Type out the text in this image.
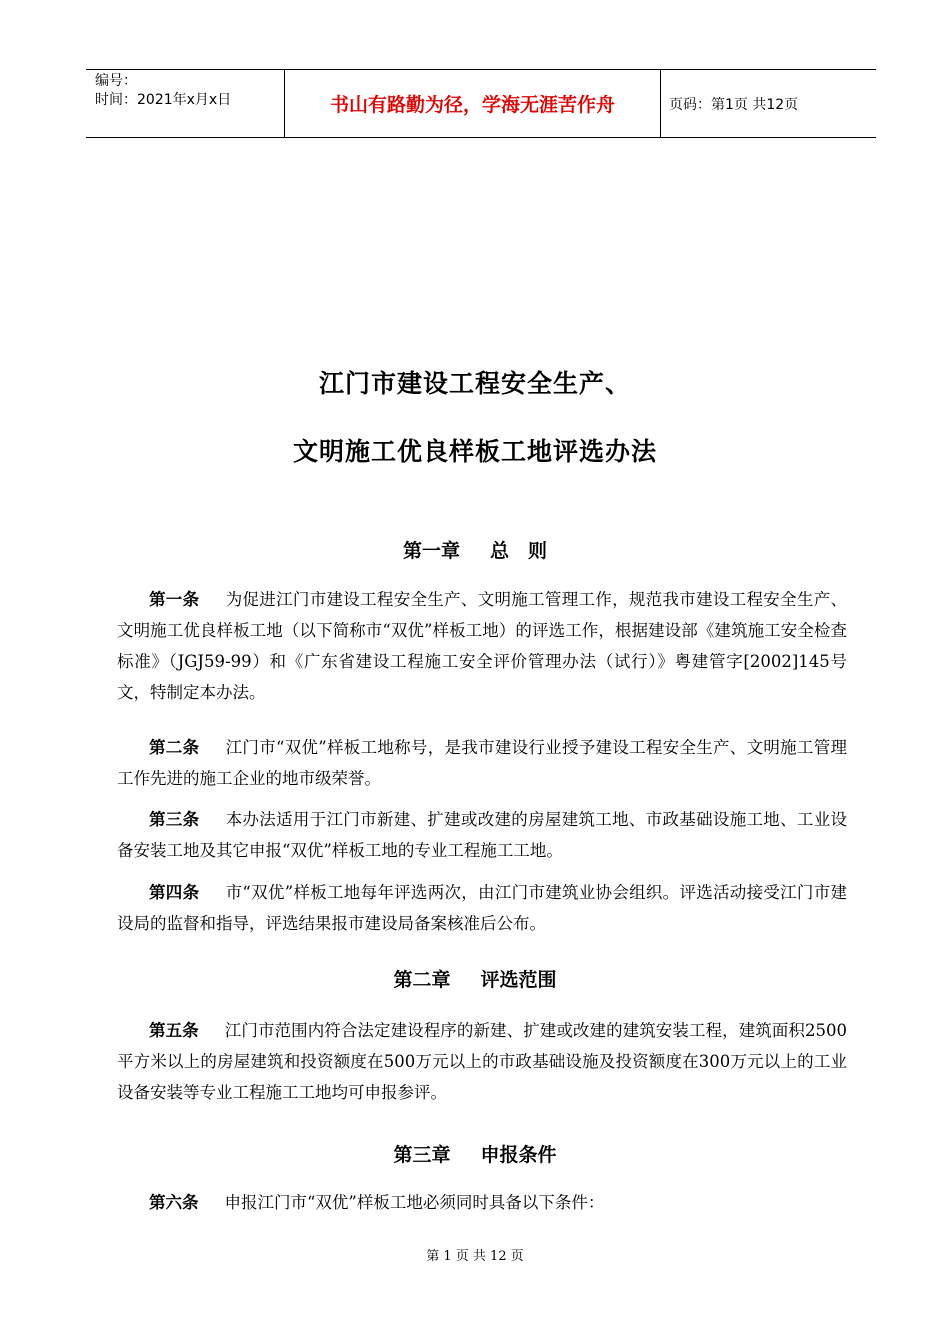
编号：
时间：2021年x月x日	书山有路勤为径，学海无涯苦作舟	页码：第1页 共12页
江门市建设工程安全生产、
文明施工优良样板工地评选办法
第一章 总　则
第一条 为促进江门市建设工程安全生产、文明施工管理工作，规范我市建设工程安全生产、文明施工优良样板工地（以下简称市“双优”样板工地）的评选工作，根据建设部《建筑施工安全检查标准》（JGJ59-99）和《广东省建设工程施工安全评价管理办法（试行）》粤建管字[2002]145号文，特制定本办法。
第二条 江门市“双优”样板工地称号，是我市建设行业授予建设工程安全生产、文明施工管理工作先进的施工企业的地市级荣誉。
第三条 本办法适用于江门市新建、扩建或改建的房屋建筑工地、市政基础设施工地、工业设备安装工地及其它申报“双优”样板工地的专业工程施工工地。
第四条 市“双优”样板工地每年评选两次，由江门市建筑业协会组织。评选活动接受江门市建设局的监督和指导，评选结果报市建设局备案核准后公布。
第二章 评选范围
第五条 江门市范围内符合法定建设程序的新建、扩建或改建的建筑安装工程，建筑面积2500平方米以上的房屋建筑和投资额度在500万元以上的市政基础设施及投资额度在300万元以上的工业设备安装等专业工程施工工地均可申报参评。
第三章 申报条件
第六条 申报江门市“双优”样板工地必须同时具备以下条件：
第 1 页 共 12 页
